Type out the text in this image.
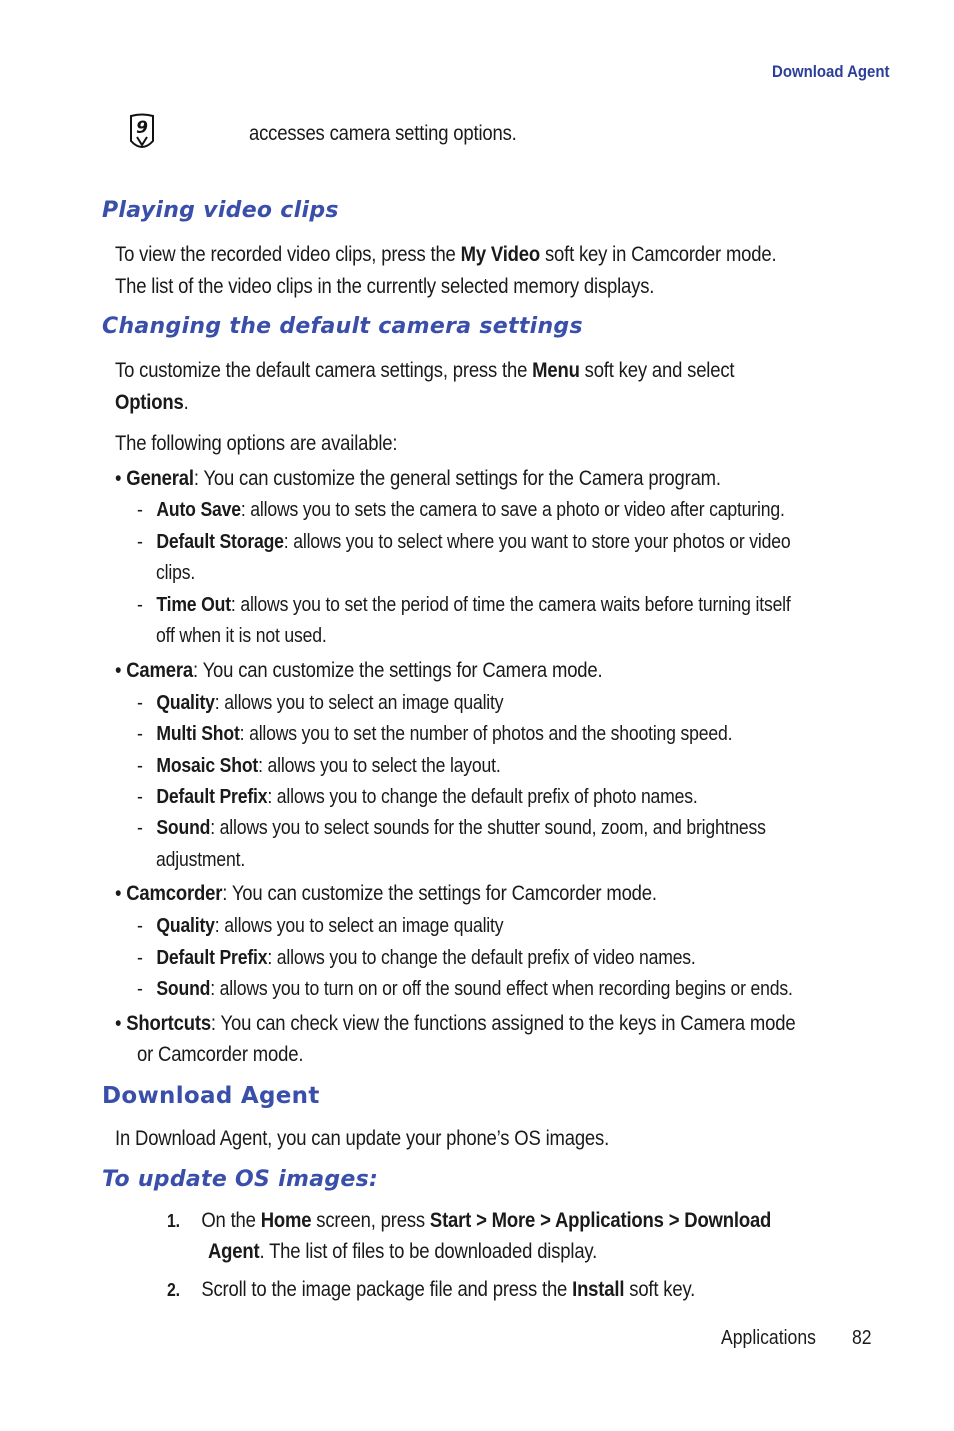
Download Agent
9	accesses camera setting options.
Playing video clips
To view the recorded video clips, press the My Video soft key in Camcorder mode.
The list of the video clips in the currently selected memory displays.
Changing the default camera settings
To customize the default camera settings, press the Menu soft key and select
Options.
The following options are available:
• General: You can customize the general settings for the Camera program.
- Auto Save: allows you to sets the camera to save a photo or video after capturing.
- Default Storage: allows you to select where you want to store your photos or video
clips.
- Time Out: allows you to set the period of time the camera waits before turning itself
off when it is not used.
• Camera: You can customize the settings for Camera mode.
- Quality: allows you to select an image quality
- Multi Shot: allows you to set the number of photos and the shooting speed.
- Mosaic Shot: allows you to select the layout.
- Default Prefix: allows you to change the default prefix of photo names.
- Sound: allows you to select sounds for the shutter sound, zoom, and brightness
adjustment.
• Camcorder: You can customize the settings for Camcorder mode.
- Quality: allows you to select an image quality
- Default Prefix: allows you to change the default prefix of video names.
- Sound: allows you to turn on or off the sound effect when recording begins or ends.
• Shortcuts: You can check view the functions assigned to the keys in Camera mode
or Camcorder mode.
Download Agent
In Download Agent, you can update your phone’s OS images.
To update OS images:
1. On the Home screen, press Start > More > Applications > Download
Agent. The list of files to be downloaded display.
2. Scroll to the image package file and press the Install soft key.
Applications 82
